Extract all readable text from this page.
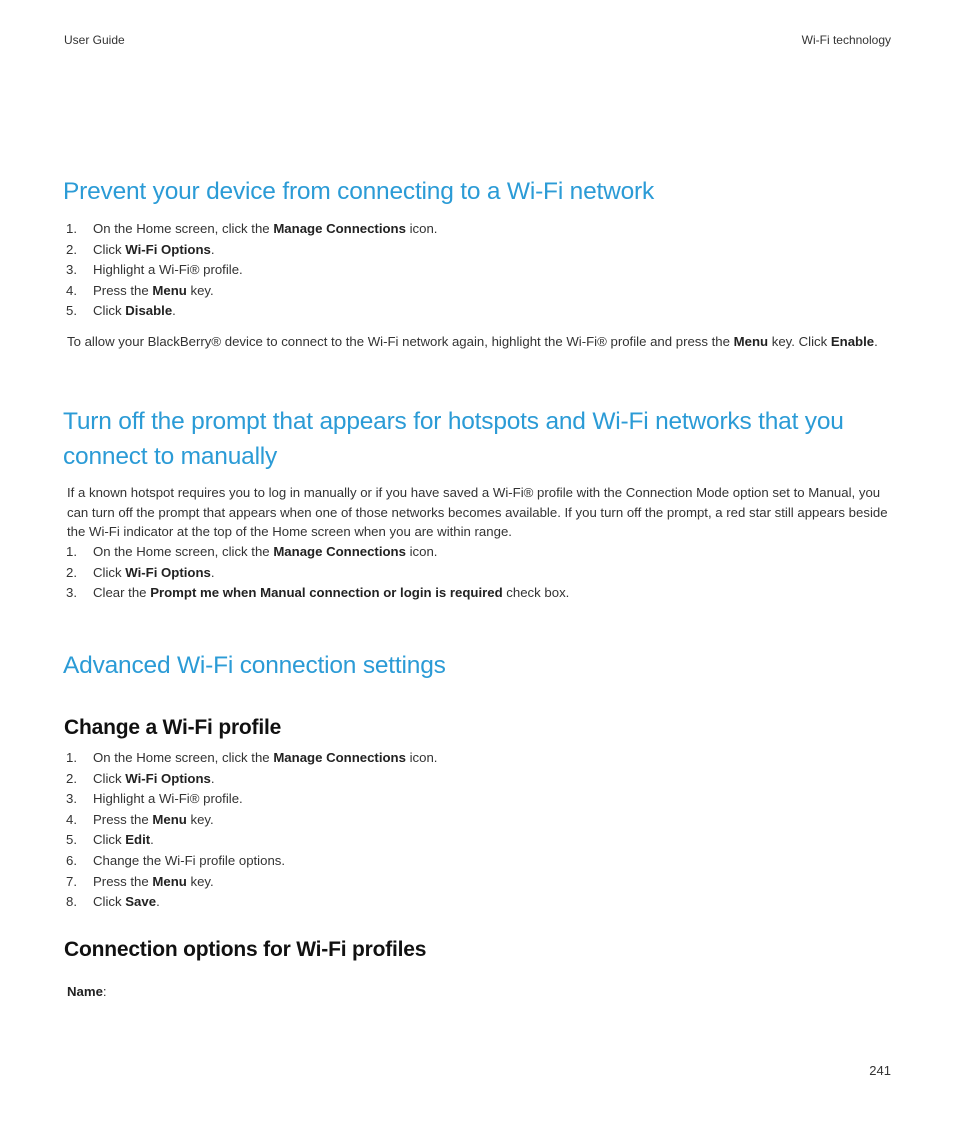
User Guide	Wi-Fi technology
Prevent your device from connecting to a Wi-Fi network
1. On the Home screen, click the Manage Connections icon.
2. Click Wi-Fi Options.
3. Highlight a Wi-Fi® profile.
4. Press the Menu key.
5. Click Disable.
To allow your BlackBerry® device to connect to the Wi-Fi network again, highlight the Wi-Fi® profile and press the Menu key. Click Enable.
Turn off the prompt that appears for hotspots and Wi-Fi networks that you
connect to manually
If a known hotspot requires you to log in manually or if you have saved a Wi-Fi® profile with the Connection Mode option set to Manual, you can turn off the prompt that appears when one of those networks becomes available. If you turn off the prompt, a red star still appears beside the Wi-Fi indicator at the top of the Home screen when you are within range.
1. On the Home screen, click the Manage Connections icon.
2. Click Wi-Fi Options.
3. Clear the Prompt me when Manual connection or login is required check box.
Advanced Wi-Fi connection settings
Change a Wi-Fi profile
1. On the Home screen, click the Manage Connections icon.
2. Click Wi-Fi Options.
3. Highlight a Wi-Fi® profile.
4. Press the Menu key.
5. Click Edit.
6. Change the Wi-Fi profile options.
7. Press the Menu key.
8. Click Save.
Connection options for Wi-Fi profiles
Name:
241
